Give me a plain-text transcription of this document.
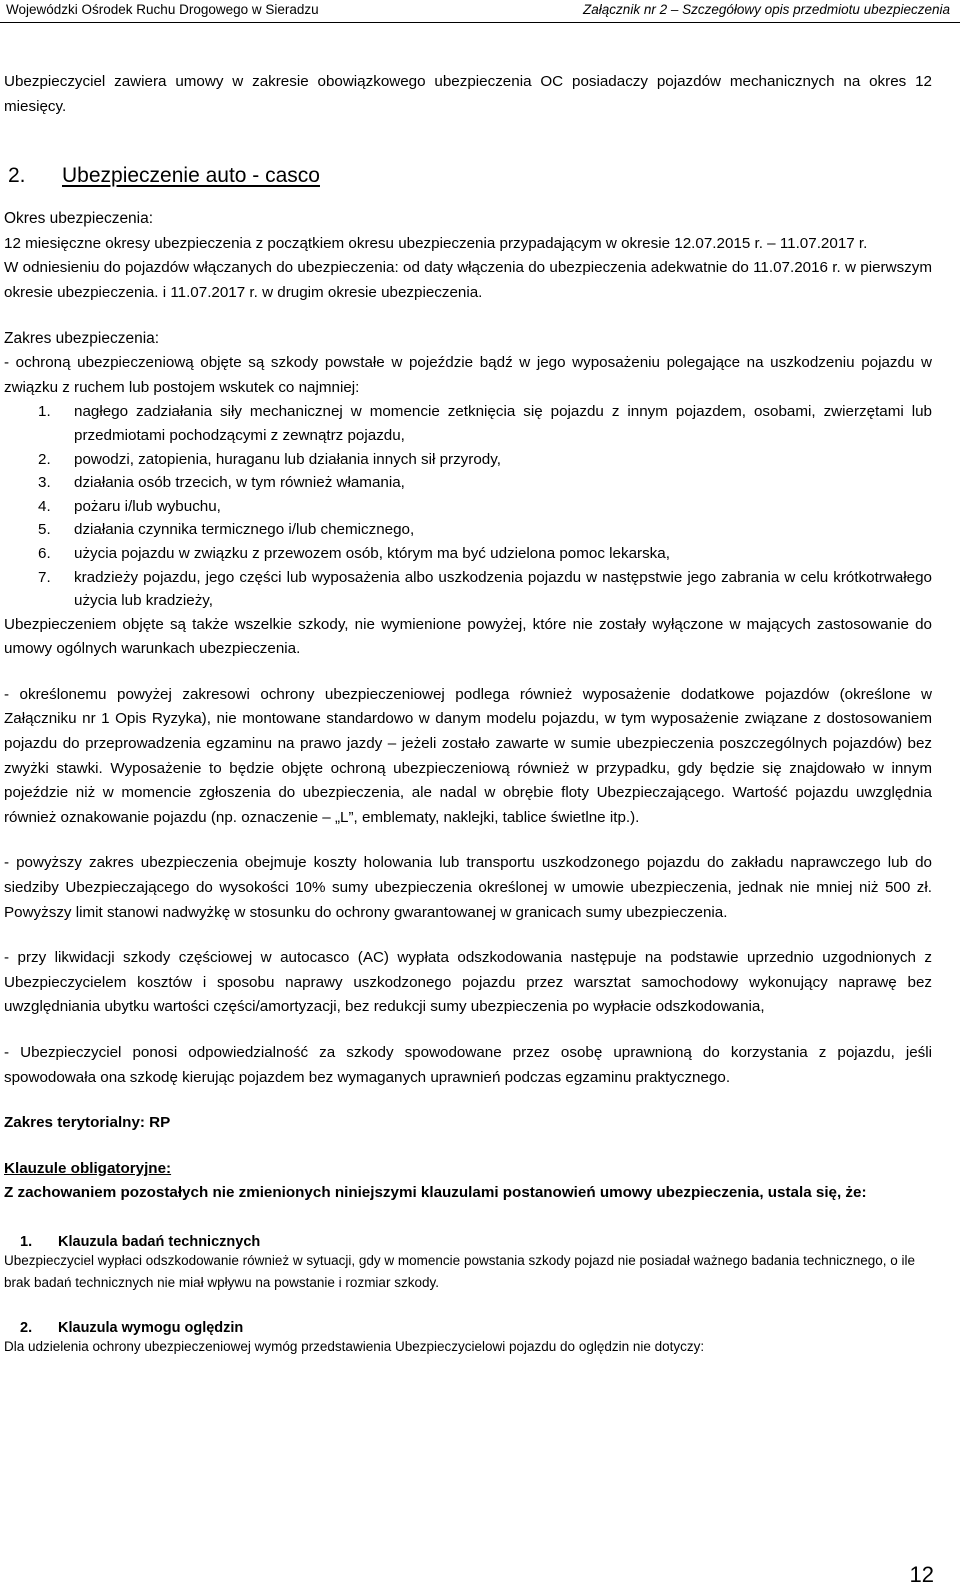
Wojewódzki Ośrodek Ruchu Drogowego w Sieradzu	Załącznik nr 2 – Szczegółowy opis przedmiotu ubezpieczenia

Ubezpieczyciel zawiera umowy w zakresie obowiązkowego ubezpieczenia OC posiadaczy pojazdów mechanicznych na okres 12 miesięcy.

2. Ubezpieczenie auto - casco

Okres ubezpieczenia:

12 miesięczne okresy ubezpieczenia z początkiem okresu ubezpieczenia przypadającym w okresie 12.07.2015 r. – 11.07.2017 r.

W odniesieniu do pojazdów włączanych do ubezpieczenia: od daty włączenia do ubezpieczenia adekwatnie do 11.07.2016 r. w pierwszym okresie ubezpieczenia. i 11.07.2017 r. w drugim okresie ubezpieczenia.

Zakres ubezpieczenia:

- ochroną ubezpieczeniową objęte są szkody powstałe w pojeździe bądź w jego wyposażeniu polegające na uszkodzeniu pojazdu w związku z ruchem lub postojem wskutek co najmniej:

1. nagłego zadziałania siły mechanicznej w momencie zetknięcia się pojazdu z innym pojazdem, osobami, zwierzętami lub przedmiotami pochodzącymi z zewnątrz pojazdu,
2. powodzi, zatopienia, huraganu lub działania innych sił przyrody,
3. działania osób trzecich, w tym również włamania,
4. pożaru i/lub wybuchu,
5. działania czynnika termicznego i/lub chemicznego,
6. użycia pojazdu w związku z przewozem osób, którym ma być udzielona pomoc lekarska,
7. kradzieży pojazdu, jego części lub wyposażenia albo uszkodzenia pojazdu w następstwie jego zabrania w celu krótkotrwałego użycia lub kradzieży,

Ubezpieczeniem objęte są także wszelkie szkody, nie wymienione powyżej, które nie zostały wyłączone w mających zastosowanie do umowy ogólnych warunkach ubezpieczenia.

- określonemu powyżej zakresowi ochrony ubezpieczeniowej podlega również wyposażenie dodatkowe pojazdów (określone w Załączniku nr 1 Opis Ryzyka), nie montowane standardowo w danym modelu pojazdu, w tym wyposażenie związane z dostosowaniem pojazdu do przeprowadzenia egzaminu na prawo jazdy – jeżeli zostało zawarte w sumie ubezpieczenia poszczególnych pojazdów) bez zwyżki stawki. Wyposażenie to będzie objęte ochroną ubezpieczeniową również w przypadku, gdy będzie się znajdowało w innym pojeździe niż w momencie zgłoszenia do ubezpieczenia, ale nadal w obrębie floty Ubezpieczającego. Wartość pojazdu uwzględnia również oznakowanie pojazdu (np. oznaczenie – „L”, emblematy, naklejki, tablice świetlne itp.).

- powyższy zakres ubezpieczenia obejmuje koszty holowania lub transportu uszkodzonego pojazdu do zakładu naprawczego lub do siedziby Ubezpieczającego do wysokości 10% sumy ubezpieczenia określonej w umowie ubezpieczenia, jednak nie mniej niż 500 zł. Powyższy limit stanowi nadwyżkę w stosunku do ochrony gwarantowanej w granicach sumy ubezpieczenia.

- przy likwidacji szkody częściowej w autocasco (AC) wypłata odszkodowania następuje na podstawie uprzednio uzgodnionych z Ubezpieczycielem kosztów i sposobu naprawy uszkodzonego pojazdu przez warsztat samochodowy wykonujący naprawę bez uwzględniania ubytku wartości części/amortyzacji, bez redukcji sumy ubezpieczenia po wypłacie odszkodowania,

- Ubezpieczyciel ponosi odpowiedzialność za szkody spowodowane przez osobę uprawnioną do korzystania z pojazdu, jeśli spowodowała ona szkodę kierując pojazdem bez wymaganych uprawnień podczas egzaminu praktycznego.

Zakres terytorialny: RP

Klauzule obligatoryjne:

Z zachowaniem pozostałych nie zmienionych niniejszymi klauzulami postanowień umowy ubezpieczenia, ustala się, że:

1. Klauzula badań technicznych

Ubezpieczyciel wypłaci odszkodowanie również w sytuacji, gdy w momencie powstania szkody pojazd nie posiadał ważnego badania technicznego, o ile brak badań technicznych nie miał wpływu na powstanie i rozmiar szkody.

2. Klauzula wymogu oględzin

Dla udzielenia ochrony ubezpieczeniowej wymóg przedstawienia Ubezpieczycielowi pojazdu do oględzin nie dotyczy:

12
